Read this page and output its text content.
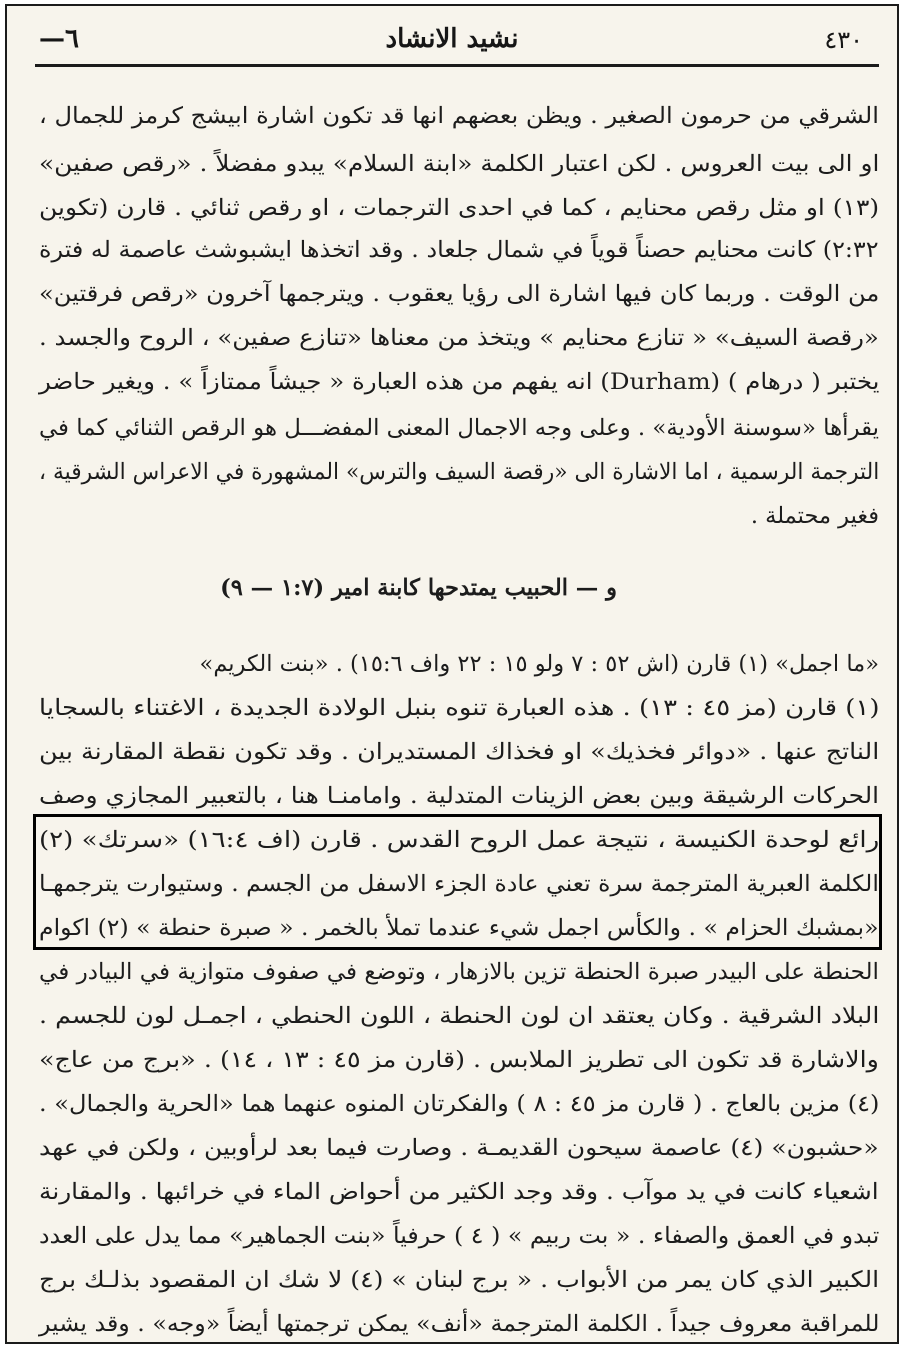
—٦	نشيد الانشاد	٤٣٠
الشرقي من حرمون الصغير . ويظن بعضهم انها قد تكون اشارة ابيشج كرمز للجمال ،
او الى بيت العروس . لكن اعتبار الكلمة «ابنة السلام» يبدو مفضلاً . «رقص صفين»
(١٣) او مثل رقص محنايم ، كما في احدى الترجمات ، او رقص ثنائي . قارن (تكوين
٢:٣٢) كانت محنايم حصناً قوياً في شمال جلعاد . وقد اتخذها ايشبوشث عاصمة له فترة
من الوقت . وربما كان فيها اشارة الى رؤيا يعقوب . ويترجمها آخرون «رقص فرقتين»
«رقصة السيف» « تنازع محنايم » ويتخذ من معناها «تنازع صفين» ، الروح والجسد .
يختبر ( درهام ) (Durham) انه يفهم من هذه العبارة « جيشاً ممتازاً » . ويغير حاضر
يقرأها «سوسنة الأودية» . وعلى وجه الاجمال المعنى المفضـــل هو الرقص الثنائي كما في
الترجمة الرسمية ، اما الاشارة الى «رقصة السيف والترس» المشهورة في الاعراس الشرقية ،
فغير محتملة .
و — الحبيب يمتدحها كابنة امير (١:٧ — ٩)
«ما اجمل» (١) قارن (اش ٥٢ : ٧ ولو ١٥ : ٢٢ واف ١٥:٦) . «بنت الكريم»
(١) قارن (مز ٤٥ : ١٣) . هذه العبارة تنوه بنبل الولادة الجديدة ، الاغتناء بالسجايا
الناتج عنها . «دوائر فخذيك» او فخذاك المستديران . وقد تكون نقطة المقارنة بين
الحركات الرشيقة وبين بعض الزينات المتدلية . وامامنـا هنا ، بالتعبير المجازي وصف
رائع لوحدة الكنيسة ، نتيجة عمل الروح القدس . قارن (اف ١٦:٤) «سرتك» (٢)
الكلمة العبرية المترجمة سرة تعني عادة الجزء الاسفل من الجسم . وستيوارت يترجمهـا
«بمشبك الحزام » . والكأس اجمل شيء عندما تملأ بالخمر . « صبرة حنطة » (٢) اكوام
الحنطة على البيدر صبرة الحنطة تزين بالازهار ، وتوضع في صفوف متوازية في البيادر في
البلاد الشرقية . وكان يعتقد ان لون الحنطة ، اللون الحنطي ، اجمـل لون للجسم .
والاشارة قد تكون الى تطريز الملابس . (قارن مز ٤٥ : ١٣ ، ١٤) . «برج من عاج»
(٤) مزين بالعاج . ( قارن مز ٤٥ : ٨ ) والفكرتان المنوه عنهما هما «الحرية والجمال» .
«حشبون» (٤) عاصمة سيحون القديمـة . وصارت فيما بعد لرأوبين ، ولكن في عهد
اشعياء كانت في يد موآب . وقد وجد الكثير من أحواض الماء في خرائبها . والمقارنة
تبدو في العمق والصفاء . « بت ربيم » ( ٤ ) حرفياً «بنت الجماهير» مما يدل على العدد
الكبير الذي كان يمر من الأبواب . « برج لبنان » (٤) لا شك ان المقصود بذلـك برج
للمراقبة معروف جيداً . الكلمة المترجمة «أنف» يمكن ترجمتها أيضاً «وجه» . وقد يشير
